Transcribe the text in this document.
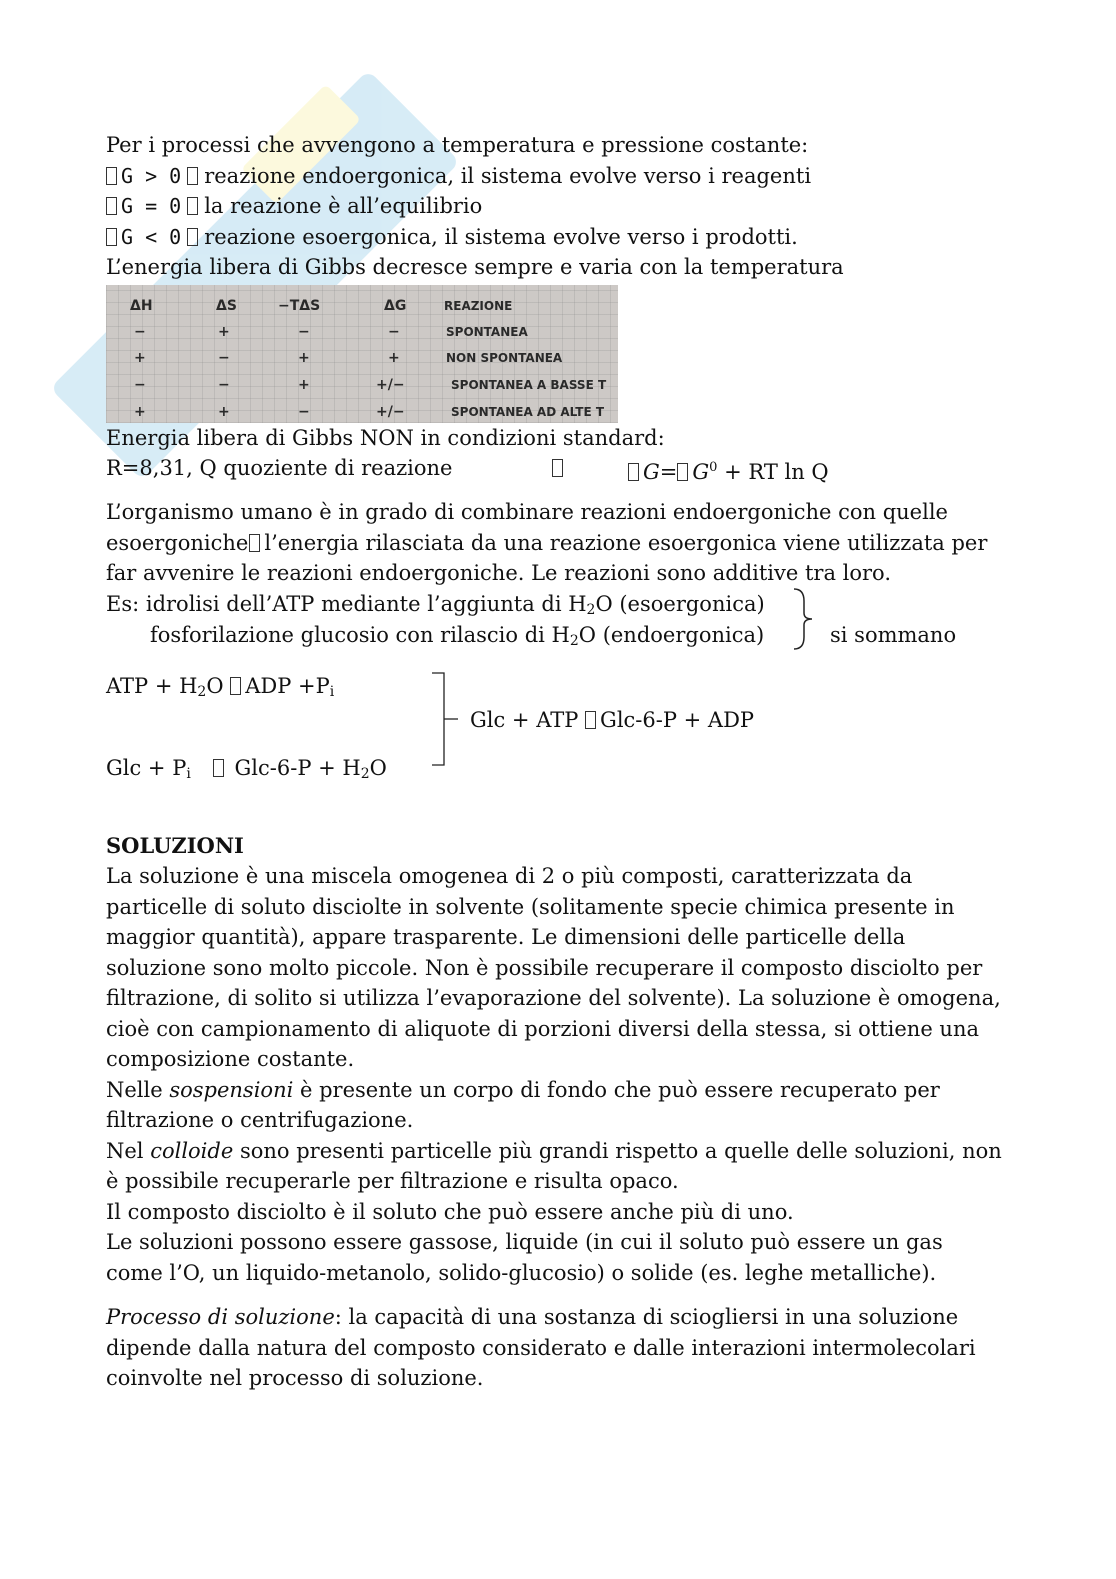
Per i processi che avvengono a temperatura e pressione costante:

G > 0 reazione endoergonica, il sistema evolve verso i reagenti

G = 0 la reazione è all’equilibrio

G < 0 reazione esoergonica, il sistema evolve verso i prodotti.

L’energia libera di Gibbs decresce sempre e varia con la temperatura

ΔH	ΔS	−TΔS	ΔG	REAZIONE
−	+	−	−	SPONTANEA
+	−	+	+	NON SPONTANEA
−	−	+	+/−	SPONTANEA A BASSE T
+	+	−	+/−	SPONTANEA AD ALTE T

Energia libera di Gibbs NON in condizioni standard:

R=8,31, Q quoziente di reazione	$G= G^0$ + RT ln Q

L’organismo umano è in grado di combinare reazioni endoergoniche con quelle esoergoniche l’energia rilasciata da una reazione esoergonica viene utilizzata per far avvenire le reazioni endoergoniche. Le reazioni sono additive tra loro.

Es: idrolisi dell’ATP mediante l’aggiunta di $H_2O$ (esoergonica)

fosforilazione glucosio con rilascio di $H_2O$ (endoergonica)	si sommano

ATP + $H_2O$ ADP $+P_i$

Glc + $P_i$ $Glc-6-P + H_2O$

Glc + ATP Glc-6-P + ADP

SOLUZIONI

La soluzione è una miscela omogenea di 2 o più composti, caratterizzata da particelle di soluto disciolte in solvente (solitamente specie chimica presente in maggior quantità), appare trasparente. Le dimensioni delle particelle della soluzione sono molto piccole. Non è possibile recuperare il composto disciolto per filtrazione, di solito si utilizza l’evaporazione del solvente). La soluzione è omogena, cioè con campionamento di aliquote di porzioni diversi della stessa, si ottiene una composizione costante.

Nelle sospensioni è presente un corpo di fondo che può essere recuperato per filtrazione o centrifugazione.

Nel colloide sono presenti particelle più grandi rispetto a quelle delle soluzioni, non è possibile recuperarle per filtrazione e risulta opaco.

Il composto disciolto è il soluto che può essere anche più di uno.

Le soluzioni possono essere gassose, liquide (in cui il soluto può essere un gas come l’O, un liquido-metanolo, solido-glucosio) o solide (es. leghe metalliche).

Processo di soluzione: la capacità di una sostanza di sciogliersi in una soluzione dipende dalla natura del composto considerato e dalle interazioni intermolecolari coinvolte nel processo di soluzione.
